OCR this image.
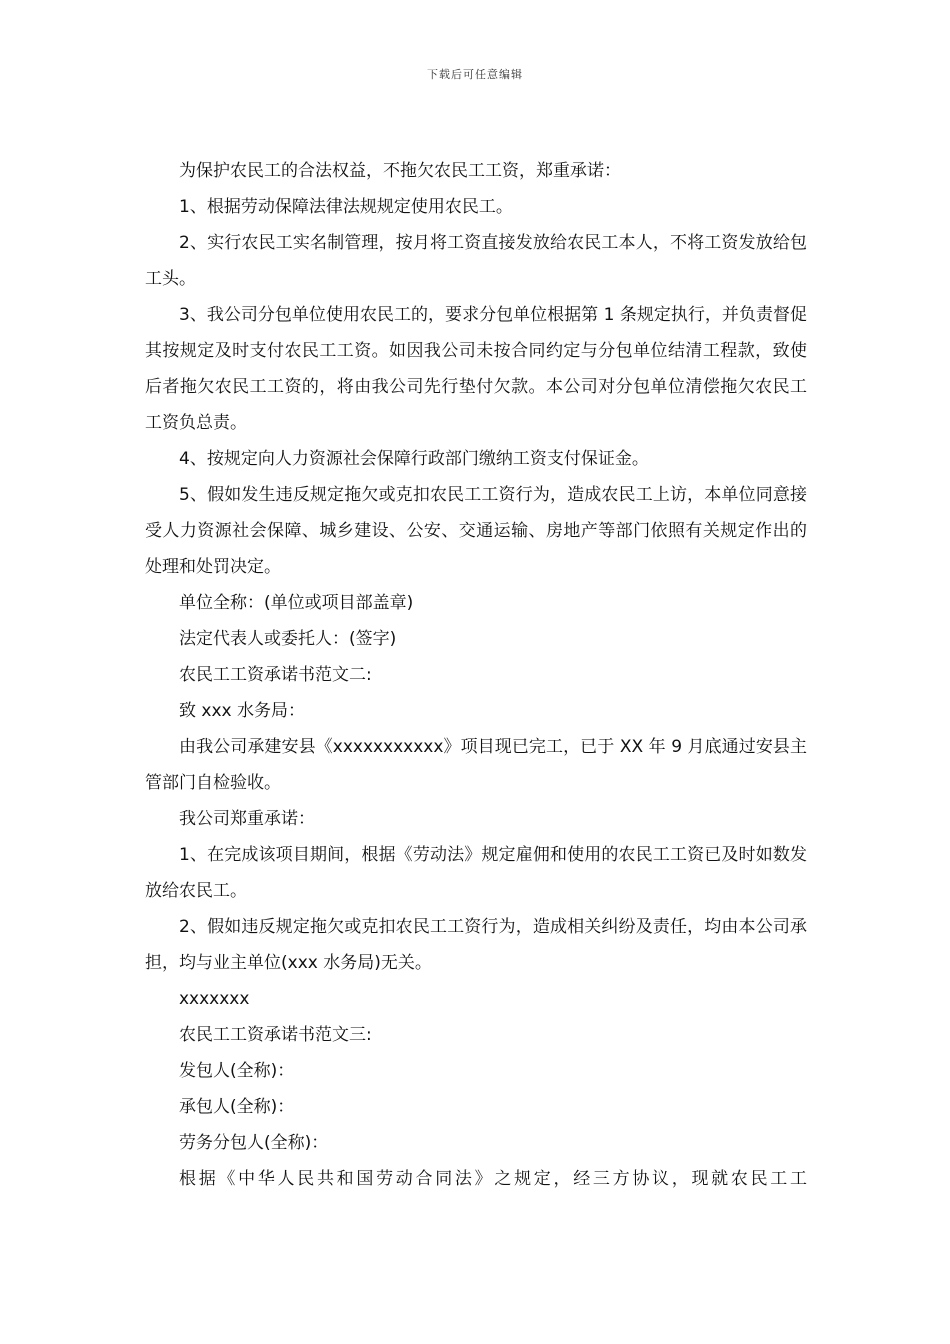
下载后可任意编辑

为保护农民工的合法权益，不拖欠农民工工资，郑重承诺：

1、根据劳动保障法律法规规定使用农民工。

2、实行农民工实名制管理，按月将工资直接发放给农民工本人，不将工资发放给包工头。

3、我公司分包单位使用农民工的，要求分包单位根据第 1 条规定执行，并负责督促其按规定及时支付农民工工资。如因我公司未按合同约定与分包单位结清工程款，致使后者拖欠农民工工资的，将由我公司先行垫付欠款。本公司对分包单位清偿拖欠农民工工资负总责。

4、按规定向人力资源社会保障行政部门缴纳工资支付保证金。

5、假如发生违反规定拖欠或克扣农民工工资行为，造成农民工上访，本单位同意接受人力资源社会保障、城乡建设、公安、交通运输、房地产等部门依照有关规定作出的处理和处罚决定。

单位全称：(单位或项目部盖章)

法定代表人或委托人：(签字)

农民工工资承诺书范文二:

致 xxx 水务局：

由我公司承建安县《xxxxxxxxxxx》项目现已完工，已于 XX 年 9 月底通过安县主管部门自检验收。

我公司郑重承诺：

1、在完成该项目期间，根据《劳动法》规定雇佣和使用的农民工工资已及时如数发放给农民工。

2、假如违反规定拖欠或克扣农民工工资行为，造成相关纠纷及责任，均由本公司承担，均与业主单位(xxx 水务局)无关。

xxxxxxx

农民工工资承诺书范文三:

发包人(全称)：

承包人(全称)：

劳务分包人(全称)：

根据《中华人民共和国劳动合同法》之规定，经三方协议，现就农民工工
